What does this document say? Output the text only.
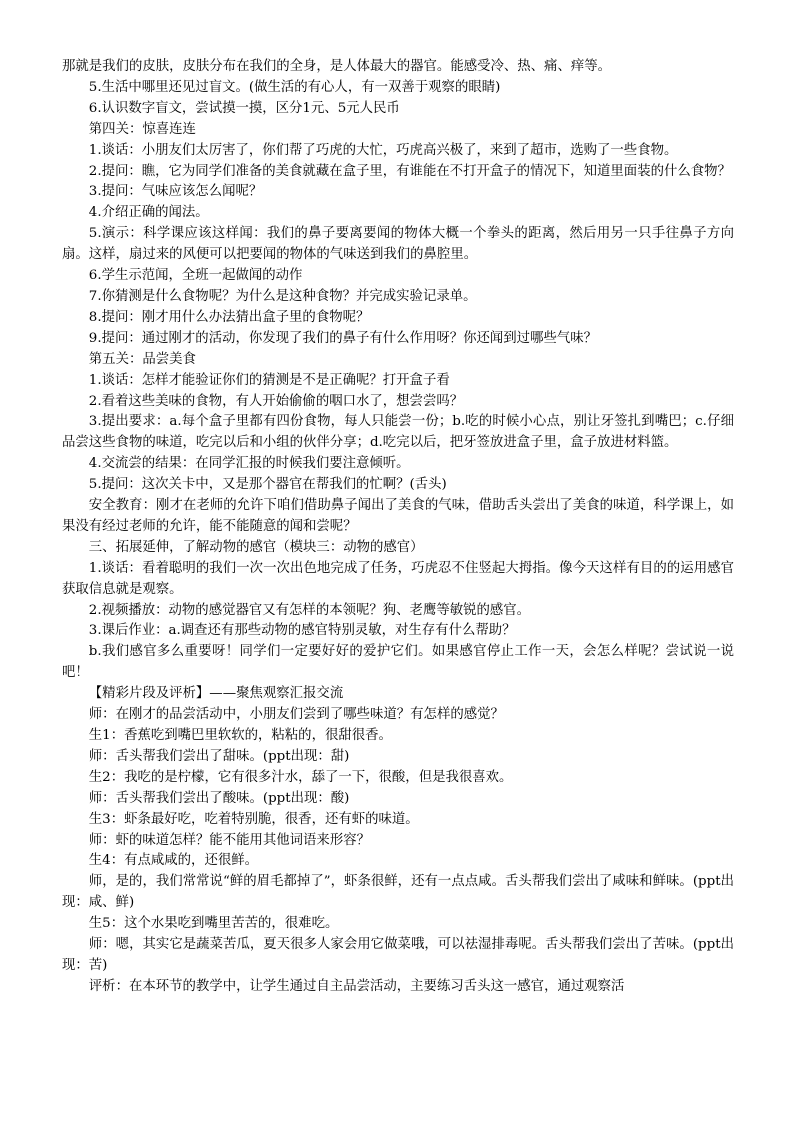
那就是我们的皮肤，皮肤分布在我们的全身，是人体最大的器官。能感受冷、热、痛、痒等。

5.生活中哪里还见过盲文。(做生活的有心人，有一双善于观察的眼睛)

6.认识数字盲文，尝试摸一摸，区分1元、5元人民币

第四关：惊喜连连

1.谈话：小朋友们太厉害了，你们帮了巧虎的大忙，巧虎高兴极了，来到了超市，选购了一些食物。

2.提问：瞧，它为同学们准备的美食就藏在盒子里，有谁能在不打开盒子的情况下，知道里面装的什么食物？

3.提问：气味应该怎么闻呢？

4.介绍正确的闻法。

5.演示：科学课应该这样闻：我们的鼻子要离要闻的物体大概一个拳头的距离，然后用另一只手往鼻子方向扇。这样，扇过来的风便可以把要闻的物体的气味送到我们的鼻腔里。

6.学生示范闻，全班一起做闻的动作

7.你猜测是什么食物呢？为什么是这种食物？并完成实验记录单。

8.提问：刚才用什么办法猜出盒子里的食物呢？

9.提问：通过刚才的活动，你发现了我们的鼻子有什么作用呀？你还闻到过哪些气味？

第五关：品尝美食

1.谈话：怎样才能验证你们的猜测是不是正确呢？打开盒子看

2.看着这些美味的食物，有人开始偷偷的咽口水了，想尝尝吗？

3.提出要求：a.每个盒子里都有四份食物，每人只能尝一份；b.吃的时候小心点，别让牙签扎到嘴巴；c.仔细品尝这些食物的味道，吃完以后和小组的伙伴分享；d.吃完以后，把牙签放进盒子里，盒子放进材料篮。

4.交流尝的结果：在同学汇报的时候我们要注意倾听。

5.提问：这次关卡中，又是那个器官在帮我们的忙啊？(舌头)

安全教育：刚才在老师的允许下咱们借助鼻子闻出了美食的气味，借助舌头尝出了美食的味道，科学课上，如果没有经过老师的允许，能不能随意的闻和尝呢？

三、拓展延伸，了解动物的感官（模块三：动物的感官）

1.谈话：看着聪明的我们一次一次出色地完成了任务，巧虎忍不住竖起大拇指。像今天这样有目的的运用感官获取信息就是观察。

2.视频播放：动物的感觉器官又有怎样的本领呢？狗、老鹰等敏锐的感官。

3.课后作业：a.调查还有那些动物的感官特别灵敏，对生存有什么帮助？

b.我们感官多么重要呀！同学们一定要好好的爱护它们。如果感官停止工作一天，会怎么样呢？尝试说一说吧！

【精彩片段及评析】——聚焦观察汇报交流

师：在刚才的品尝活动中，小朋友们尝到了哪些味道？有怎样的感觉？

生1：香蕉吃到嘴巴里软软的，粘粘的，很甜很香。

师：舌头帮我们尝出了甜味。(ppt出现：甜)

生2：我吃的是柠檬，它有很多汁水，舔了一下，很酸，但是我很喜欢。

师：舌头帮我们尝出了酸味。(ppt出现：酸)

生3：虾条最好吃，吃着特别脆，很香，还有虾的味道。

师：虾的味道怎样？能不能用其他词语来形容？

生4：有点咸咸的，还很鲜。

师，是的，我们常常说“鲜的眉毛都掉了”，虾条很鲜，还有一点点咸。舌头帮我们尝出了咸味和鲜味。(ppt出现：咸、鲜)

生5：这个水果吃到嘴里苦苦的，很难吃。

师：嗯，其实它是蔬菜苦瓜，夏天很多人家会用它做菜哦，可以祛湿排毒呢。舌头帮我们尝出了苦味。(ppt出现：苦)

评析：在本环节的教学中，让学生通过自主品尝活动，主要练习舌头这一感官，通过观察活
